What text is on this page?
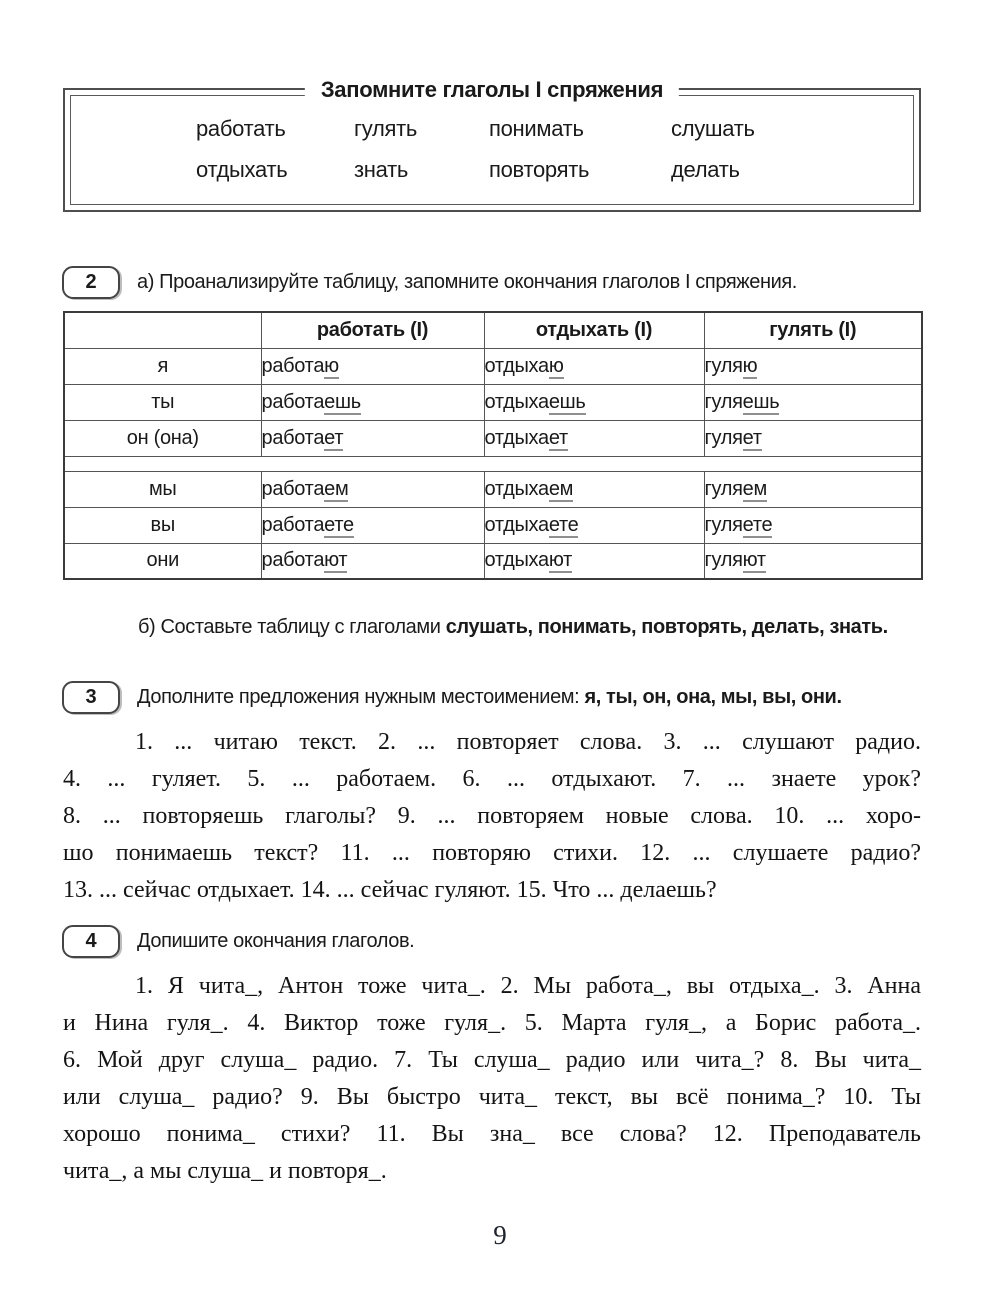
Запомните глаголы I спряжения
работать	гулять	понимать	слушать
отдыхать	знать	повторять	делать
2 а) Проанализируйте таблицу, запомните окончания глаголов I спряжения.
	работать (I)	отдыхать (I)	гулять (I)
я	работаю	отдыхаю	гуляю
ты	работаешь	отдыхаешь	гуляешь
он (она)	работает	отдыхает	гуляет

мы	работаем	отдыхаем	гуляем
вы	работаете	отдыхаете	гуляете
они	работают	отдыхают	гуляют
б) Составьте таблицу с глаголами слушать, понимать, повторять, делать, знать.
3 Дополните предложения нужным местоимением: я, ты, он, она, мы, вы, они.
1. ... читаю текст. 2. ... повторяет слова. 3. ... слушают радио.
4. ... гуляет. 5. ... работаем. 6. ... отдыхают. 7. ... знаете урок?
8. ... повторяешь глаголы? 9. ... повторяем новые слова. 10. ... хоро-
шо понимаешь текст? 11. ... повторяю стихи. 12. ... слушаете радио?
13. ... сейчас отдыхает. 14. ... сейчас гуляют. 15. Что ... делаешь?
4 Допишите окончания глаголов.
1. Я чита_, Антон тоже чита_. 2. Мы работа_, вы отдыха_. 3. Анна
и Нина гуля_. 4. Виктор тоже гуля_. 5. Марта гуля_, а Борис работа_.
6. Мой друг слуша_ радио. 7. Ты слуша_ радио или чита_? 8. Вы чита_
или слуша_ радио? 9. Вы быстро чита_ текст, вы всё понима_? 10. Ты
хорошо понима_ стихи? 11. Вы зна_ все слова? 12. Преподаватель
чита_, а мы слуша_ и повторя_.
9
